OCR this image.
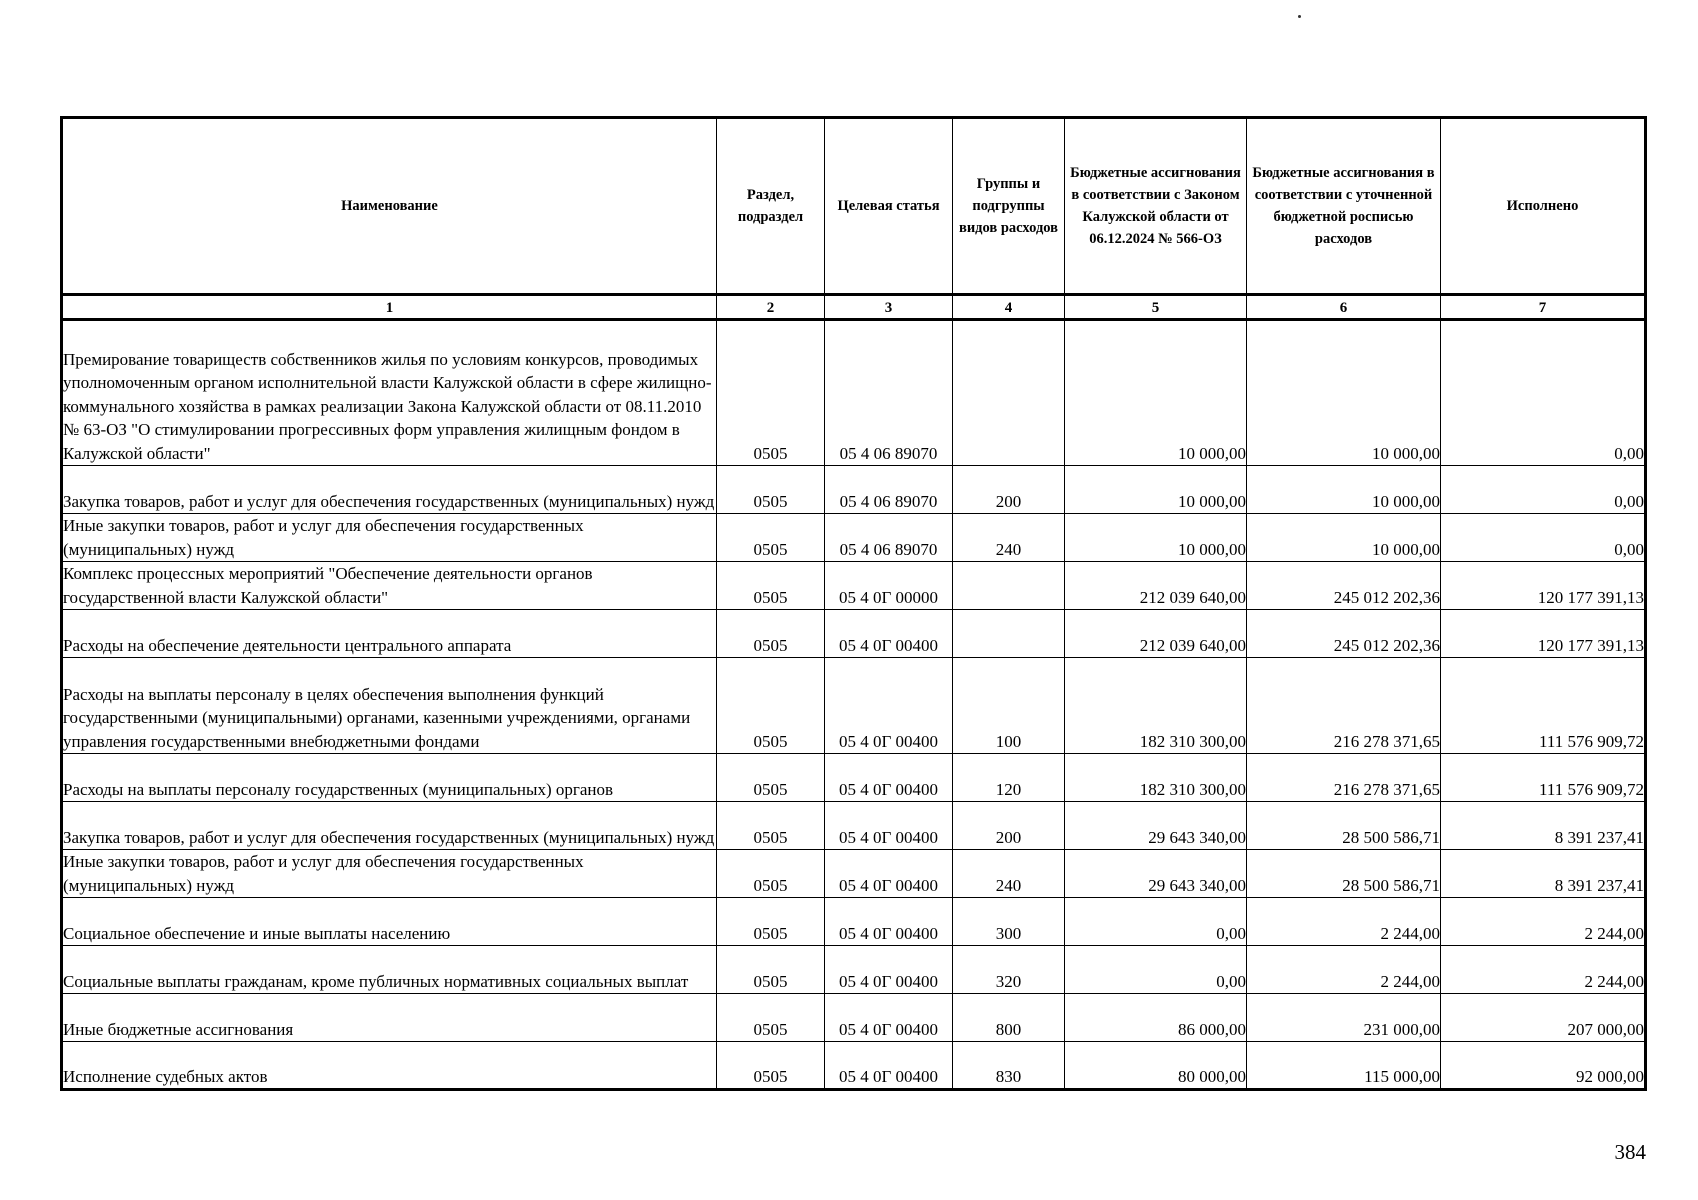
Наименование	Раздел, подраздел	Целевая статья	Группы и подгруппы видов расходов	Бюджетные ассигнования в соответствии с Законом Калужской области от 06.12.2024 № 566-ОЗ	Бюджетные ассигнования в соответствии с уточненной бюджетной росписью расходов	Исполнено
1	2	3	4	5	6	7
Премирование товариществ собственников жилья по условиям конкурсов, проводимых уполномоченным органом исполнительной власти Калужской области в сфере жилищно-коммунального хозяйства в рамках реализации Закона Калужской области от 08.11.2010 № 63-ОЗ "О стимулировании прогрессивных форм управления жилищным фондом в Калужской области"	0505	05 4 06 89070		10 000,00	10 000,00	0,00
Закупка товаров, работ и услуг для обеспечения государственных (муниципальных) нужд	0505	05 4 06 89070	200	10 000,00	10 000,00	0,00
Иные закупки товаров, работ и услуг для обеспечения государственных (муниципальных) нужд	0505	05 4 06 89070	240	10 000,00	10 000,00	0,00
Комплекс процессных мероприятий "Обеспечение деятельности органов государственной власти Калужской области"	0505	05 4 0Г 00000		212 039 640,00	245 012 202,36	120 177 391,13
Расходы на обеспечение деятельности центрального аппарата	0505	05 4 0Г 00400		212 039 640,00	245 012 202,36	120 177 391,13
Расходы на выплаты персоналу в целях обеспечения выполнения функций государственными (муниципальными) органами, казенными учреждениями, органами управления государственными внебюджетными фондами	0505	05 4 0Г 00400	100	182 310 300,00	216 278 371,65	111 576 909,72
Расходы на выплаты персоналу государственных (муниципальных) органов	0505	05 4 0Г 00400	120	182 310 300,00	216 278 371,65	111 576 909,72
Закупка товаров, работ и услуг для обеспечения государственных (муниципальных) нужд	0505	05 4 0Г 00400	200	29 643 340,00	28 500 586,71	8 391 237,41
Иные закупки товаров, работ и услуг для обеспечения государственных (муниципальных) нужд	0505	05 4 0Г 00400	240	29 643 340,00	28 500 586,71	8 391 237,41
Социальное обеспечение и иные выплаты населению	0505	05 4 0Г 00400	300	0,00	2 244,00	2 244,00
Социальные выплаты гражданам, кроме публичных нормативных социальных выплат	0505	05 4 0Г 00400	320	0,00	2 244,00	2 244,00
Иные бюджетные ассигнования	0505	05 4 0Г 00400	800	86 000,00	231 000,00	207 000,00
Исполнение судебных актов	0505	05 4 0Г 00400	830	80 000,00	115 000,00	92 000,00
384
